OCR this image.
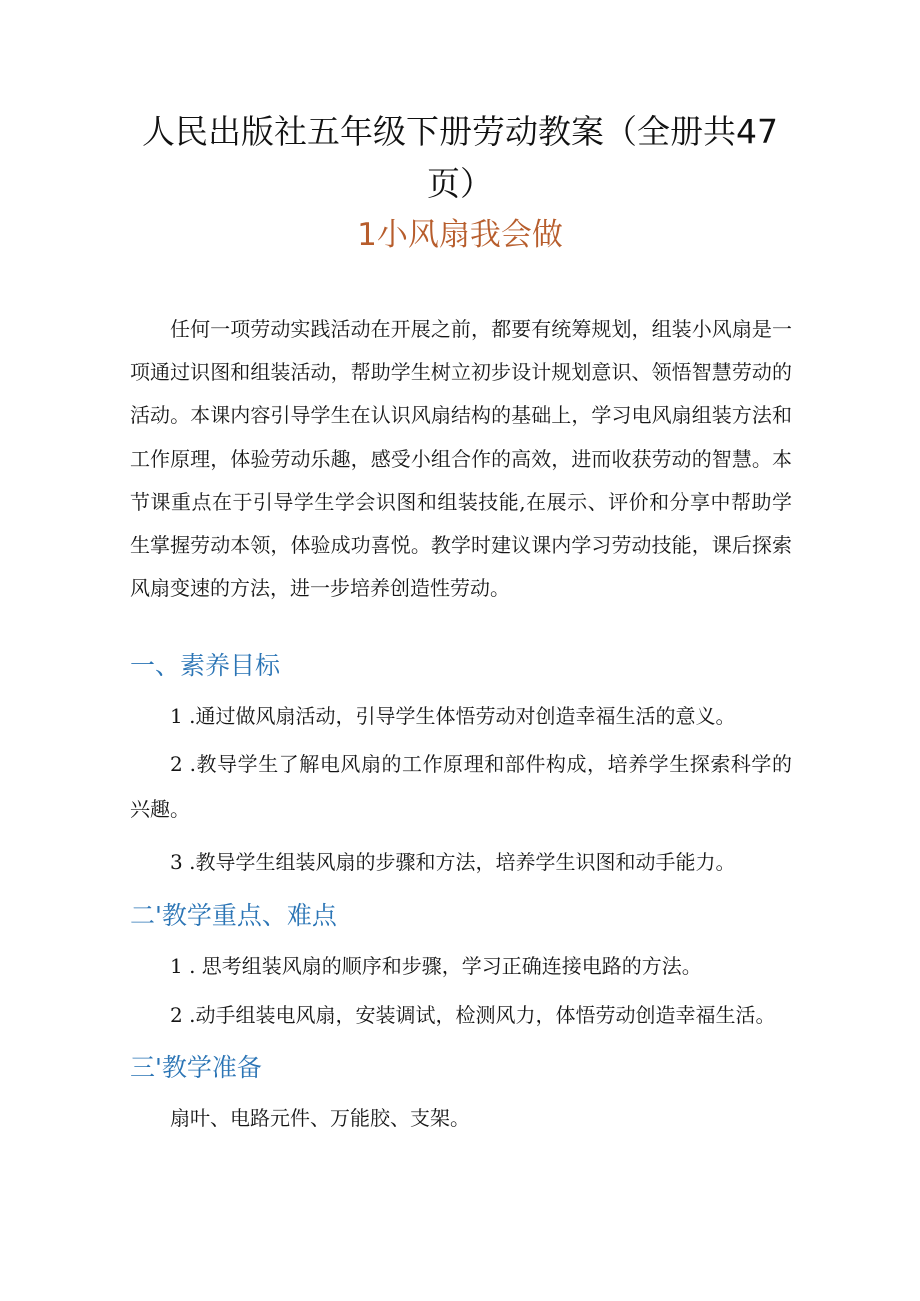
人民出版社五年级下册劳动教案（全册共47页）
1小风扇我会做

任何一项劳动实践活动在开展之前，都要有统筹规划，组装小风扇是一项通过识图和组装活动，帮助学生树立初步设计规划意识、领悟智慧劳动的活动。本课内容引导学生在认识风扇结构的基础上，学习电风扇组装方法和工作原理，体验劳动乐趣，感受小组合作的高效，进而收获劳动的智慧。本节课重点在于引导学生学会识图和组装技能,在展示、评价和分享中帮助学生掌握劳动本领，体验成功喜悦。教学时建议课内学习劳动技能，课后探索风扇变速的方法，进一步培养创造性劳动。

一、素养目标

1 .通过做风扇活动，引导学生体悟劳动对创造幸福生活的意义。

2 .教导学生了解电风扇的工作原理和部件构成，培养学生探索科学的兴趣。

3 .教导学生组装风扇的步骤和方法，培养学生识图和动手能力。

二'教学重点、难点

1 . 思考组装风扇的顺序和步骤，学习正确连接电路的方法。

2 .动手组装电风扇，安装调试，检测风力，体悟劳动创造幸福生活。

三'教学准备

扇叶、电路元件、万能胶、支架。
